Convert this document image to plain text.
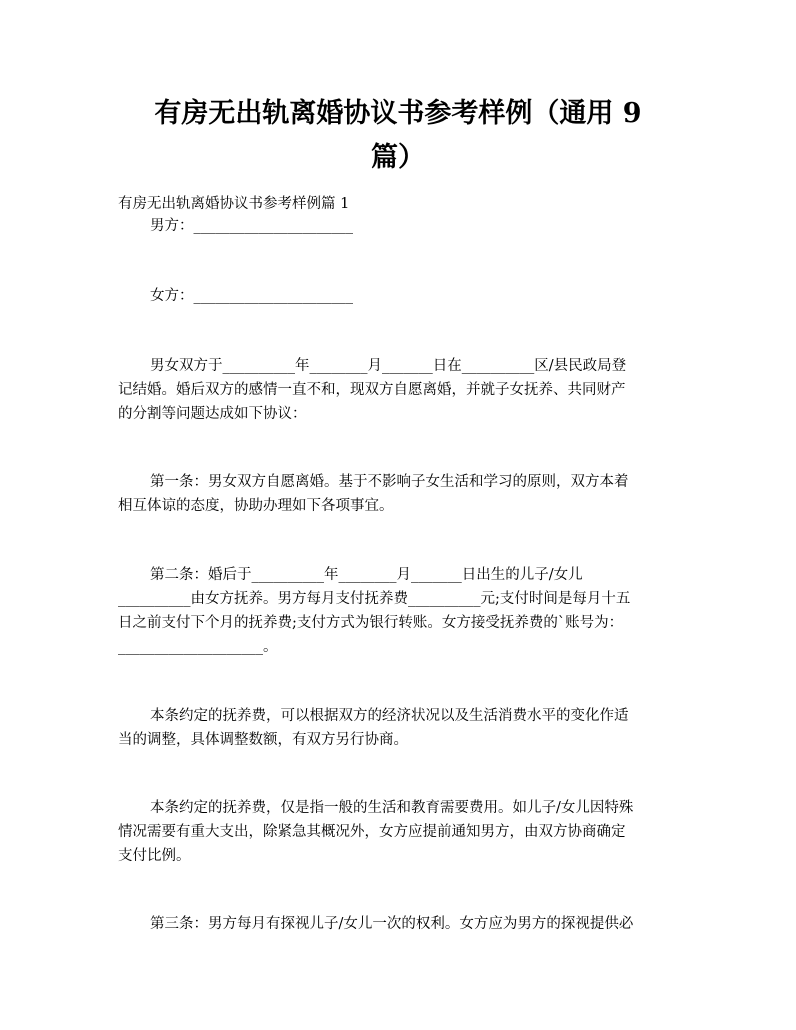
有房无出轨离婚协议书参考样例（通用 9
篇）

有房无出轨离婚协议书参考样例篇 1

男方：______________________

女方：______________________

男女双方于__________年________月_______日在__________区/县民政局登

记结婚。婚后双方的感情一直不和，现双方自愿离婚，并就子女抚养、共同财产

的分割等问题达成如下协议：

第一条：男女双方自愿离婚。基于不影响子女生活和学习的原则，双方本着

相互体谅的态度，协助办理如下各项事宜。

第二条：婚后于__________年________月_______日出生的儿子/女儿

__________由女方抚养。男方每月支付抚养费__________元;支付时间是每月十五

日之前支付下个月的抚养费;支付方式为银行转账。女方接受抚养费的`账号为：

____________________。

本条约定的抚养费，可以根据双方的经济状况以及生活消费水平的变化作适

当的调整，具体调整数额，有双方另行协商。

本条约定的抚养费，仅是指一般的生活和教育需要费用。如儿子/女儿因特殊

情况需要有重大支出，除紧急其概况外，女方应提前通知男方，由双方协商确定

支付比例。

第三条：男方每月有探视儿子/女儿一次的权利。女方应为男方的探视提供必
